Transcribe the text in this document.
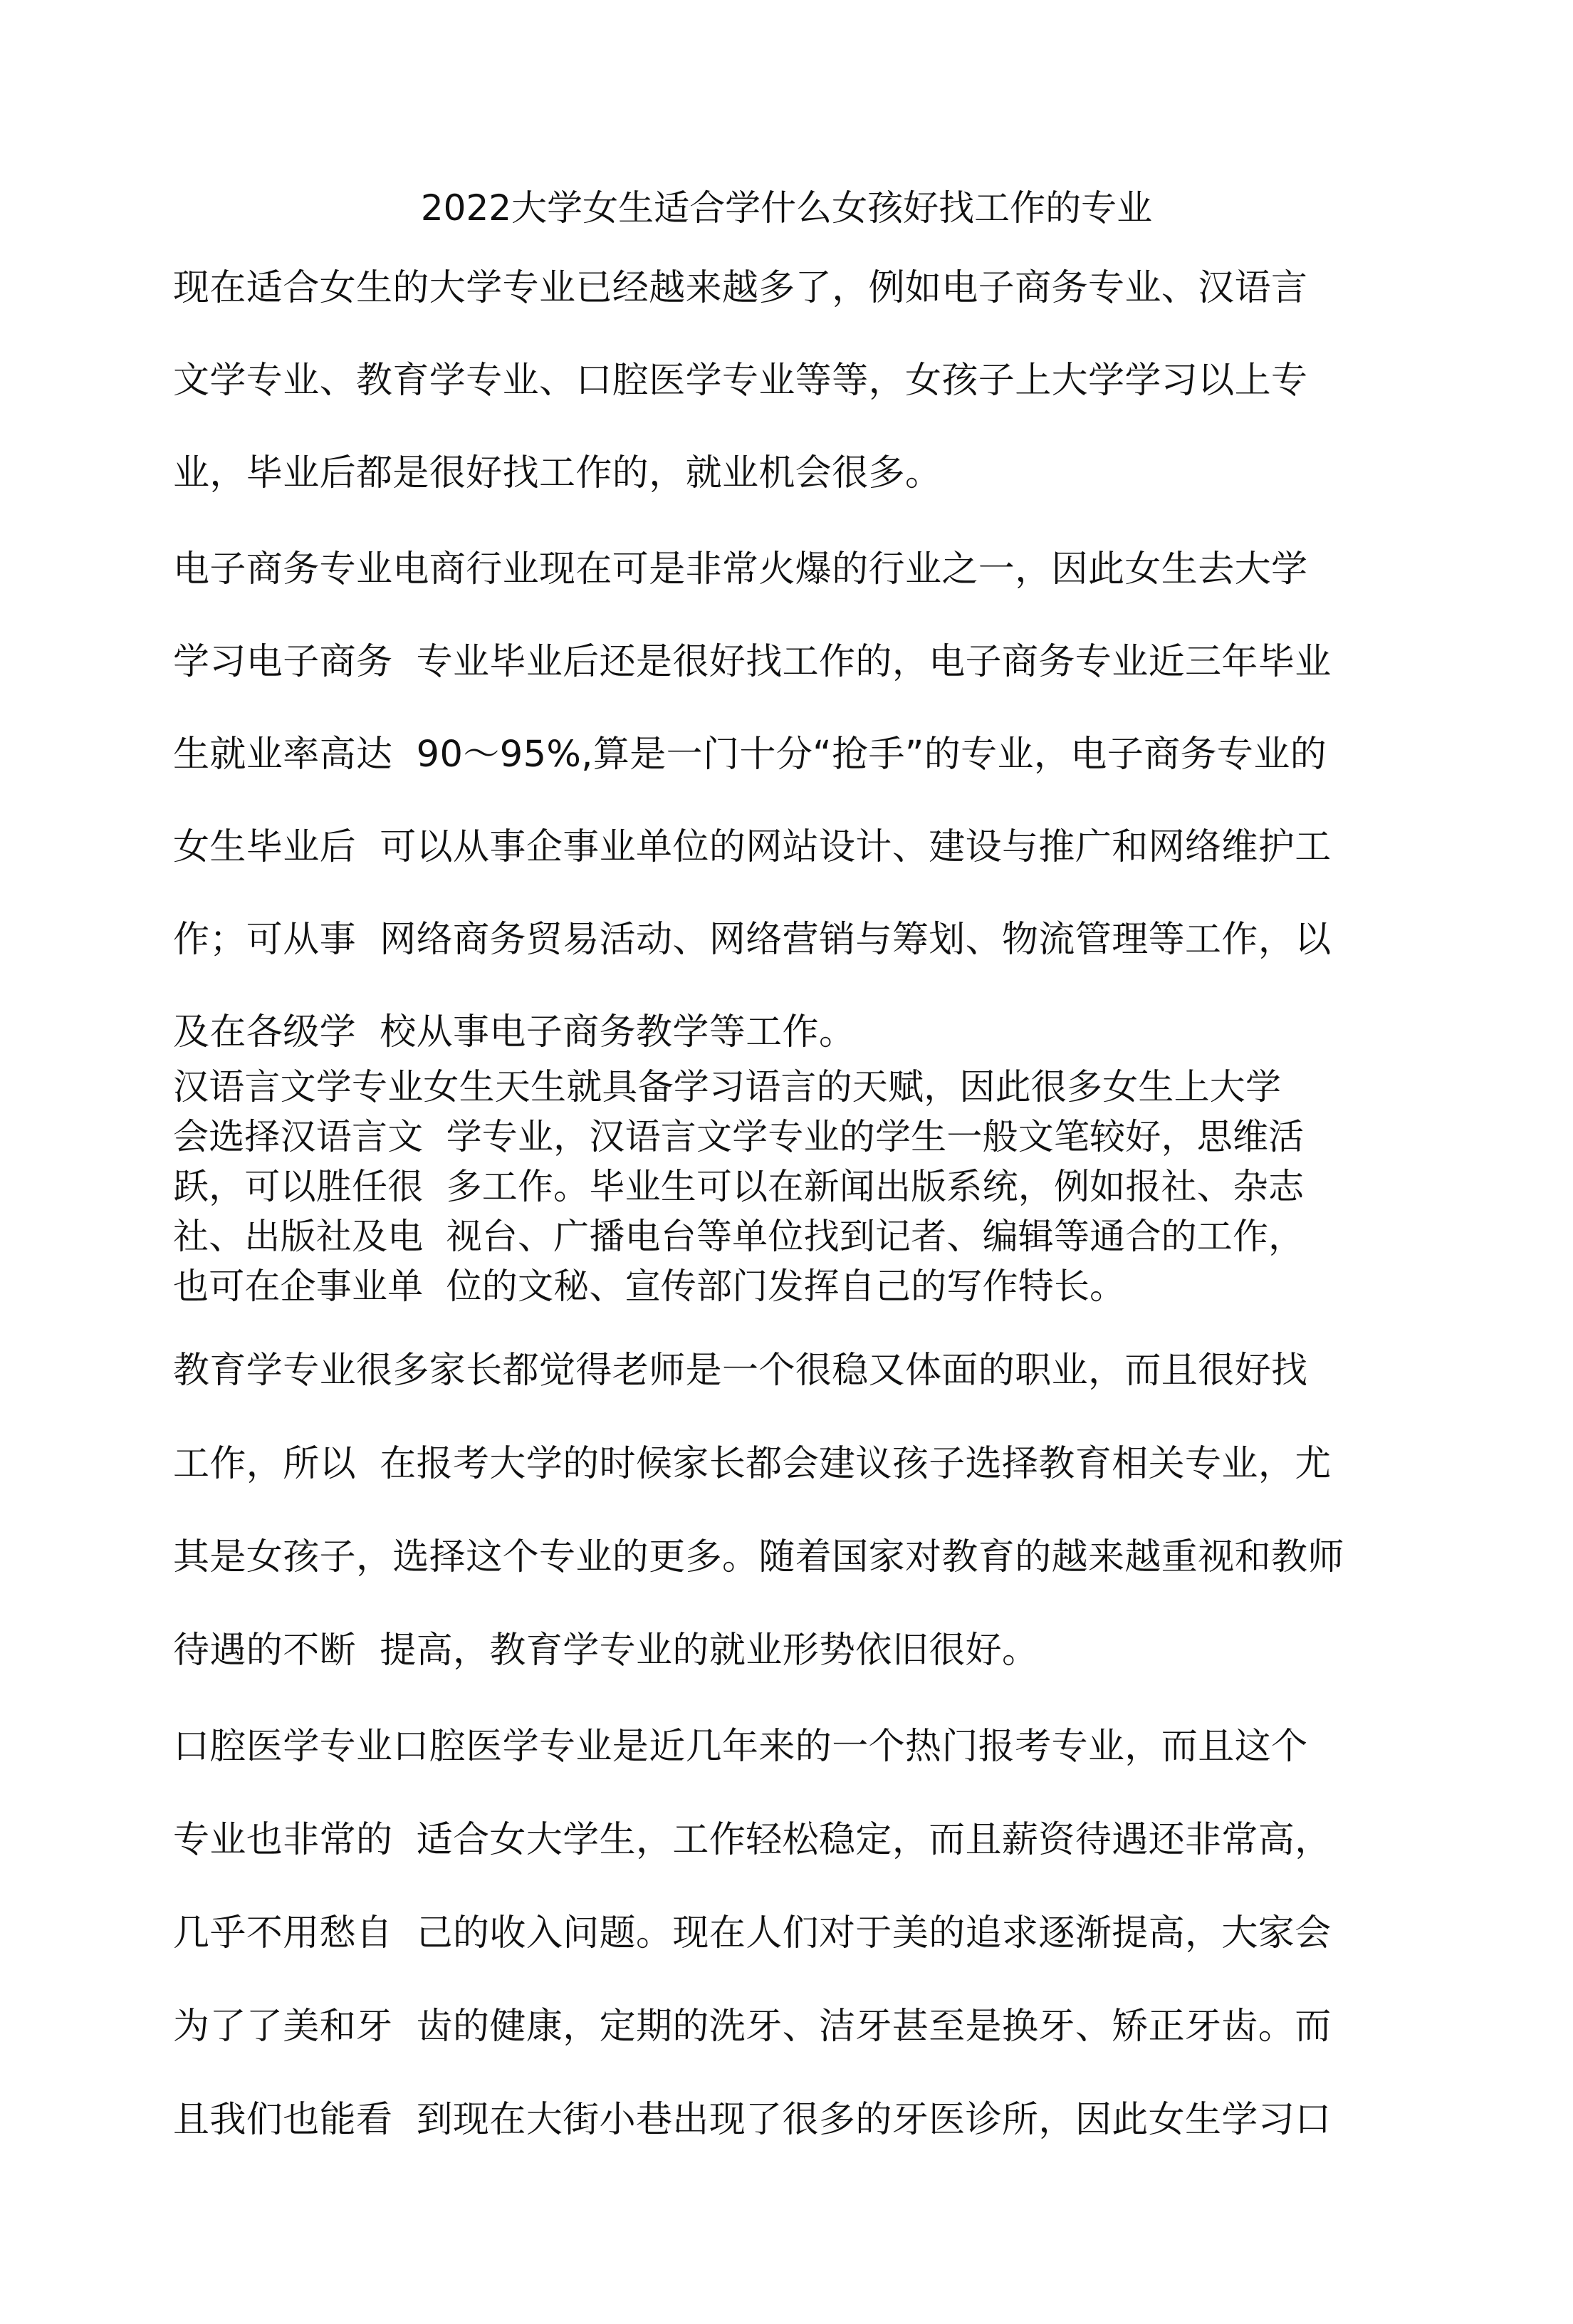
2022大学女生适合学什么女孩好找工作的专业
现在适合女生的大学专业已经越来越多了，例如电子商务专业、汉语言
文学专业、教育学专业、口腔医学专业等等，女孩子上大学学习以上专
业，毕业后都是很好找工作的，就业机会很多。
电子商务专业电商行业现在可是非常火爆的行业之一，因此女生去大学
学习电子商务  专业毕业后还是很好找工作的，电子商务专业近三年毕业
生就业率高达  90〜95%,算是一门十分“抢手”的专业，电子商务专业的
女生毕业后  可以从事企事业单位的网站设计、建设与推广和网络维护工
作；可从事  网络商务贸易活动、网络营销与筹划、物流管理等工作，以
及在各级学  校从事电子商务教学等工作。
汉语言文学专业女生天生就具备学习语言的天赋，因此很多女生上大学
会选择汉语言文  学专业，汉语言文学专业的学生一般文笔较好，思维活
跃，可以胜任很  多工作。毕业生可以在新闻出版系统，例如报社、杂志
社、出版社及电  视台、广播电台等单位找到记者、编辑等通合的工作，
也可在企事业单  位的文秘、宣传部门发挥自己的写作特长。
教育学专业很多家长都觉得老师是一个很稳又体面的职业，而且很好找
工作，所以  在报考大学的时候家长都会建议孩子选择教育相关专业，尤
其是女孩子，选择这个专业的更多。随着国家对教育的越来越重视和教师
待遇的不断  提高，教育学专业的就业形势依旧很好。
口腔医学专业口腔医学专业是近几年来的一个热门报考专业，而且这个
专业也非常的  适合女大学生，工作轻松稳定，而且薪资待遇还非常高，
几乎不用愁自  己的收入问题。现在人们对于美的追求逐渐提高，大家会
为了了美和牙  齿的健康，定期的洗牙、洁牙甚至是换牙、矫正牙齿。而
且我们也能看  到现在大街小巷出现了很多的牙医诊所，因此女生学习口
